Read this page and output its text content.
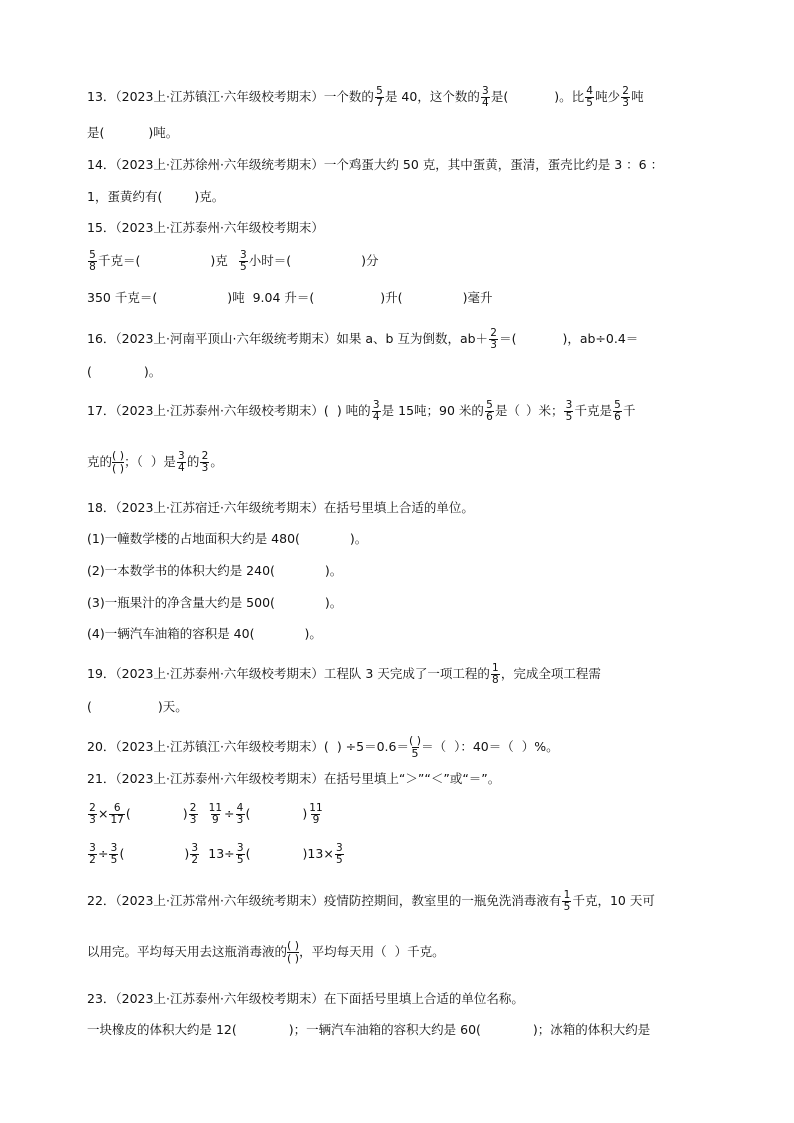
13．（2023上·江苏镇江·六年级校考期末）一个数的 $\frac{5}{7}$ 是 40，这个数的 $\frac{3}{4}$ 是(	)。比 $\frac{4}{5}$ 吨少 $\frac{2}{3}$ 吨
是(	)吨。
14．（2023上·江苏徐州·六年级统考期末）一个鸡蛋大约 50 克，其中蛋黄，蛋清，蛋壳比约是 3 ：6 ：
1，蛋黄约有(	)克。
15．（2023上·江苏泰州·六年级校考期末）
$\frac{5}{8}$ 千克＝(	)克 $\frac{3}{5}$ 小时＝(	)分
350 千克＝(	)吨 9.04 升＝(	)升(	)毫升
16．（2023上·河南平顶山·六年级统考期末）如果 a、b 互为倒数，$ab+ \frac{2}{3}$ ＝(	)，ab÷0.4＝
(	)。
17．（2023上·江苏泰州·六年级校考期末）( ) 吨的 $\frac{3}{4}$ 是 15吨；90 米的 $\frac{5}{6}$ 是（ ）米； $\frac{3}{5}$ 千克是 $\frac{5}{6}$ 千
克的 ( )
( ) ；（ ）是 $\frac{3}{4}$ 的 $\frac{2}{3}$ 。
18．（2023上·江苏宿迁·六年级统考期末）在括号里填上合适的单位。
(1)一幢数学楼的占地面积大约是 480(	)。
(2)一本数学书的体积大约是 240(	)。
(3)一瓶果汁的净含量大约是 500(	)。
(4)一辆汽车油箱的容积是 40(	)。
19．（2023上·江苏泰州·六年级校考期末）工程队 3 天完成了一项工程的 $\frac{1}{8}$ ，完成全项工程需
(	)天。
20．（2023上·江苏镇江·六年级校考期末）( ) ÷5＝0.6＝ ( )
5 ＝（ ）：40＝（ ）%。
21．（2023上·江苏泰州·六年级校考期末）在括号里填上“＞”“＜”或“＝”。
$\frac{2}{3} \times \frac{6}{17}$ (	) $\frac{2}{3} \frac{11}{9} \div \frac{4}{3}$ (	) $\frac{11}{9}$
$\frac{3}{2} \div \frac{3}{5}$ (	) $\frac{3}{2} 13\div \frac{3}{5}$ (	)$13\times \frac{3}{5}$
22．（2023上·江苏常州·六年级统考期末）疫情防控期间，教室里的一瓶免洗消毒液有 $\frac{1}{5}$ 千克，10 天可
以用完。平均每天用去这瓶消毒液的 ( )
( ) ，平均每天用（ ）千克。
23．（2023上·江苏泰州·六年级校考期末）在下面括号里填上合适的单位名称。
一块橡皮的体积大约是 12(	)；一辆汽车油箱的容积大约是 60(	)；冰箱的体积大约是
